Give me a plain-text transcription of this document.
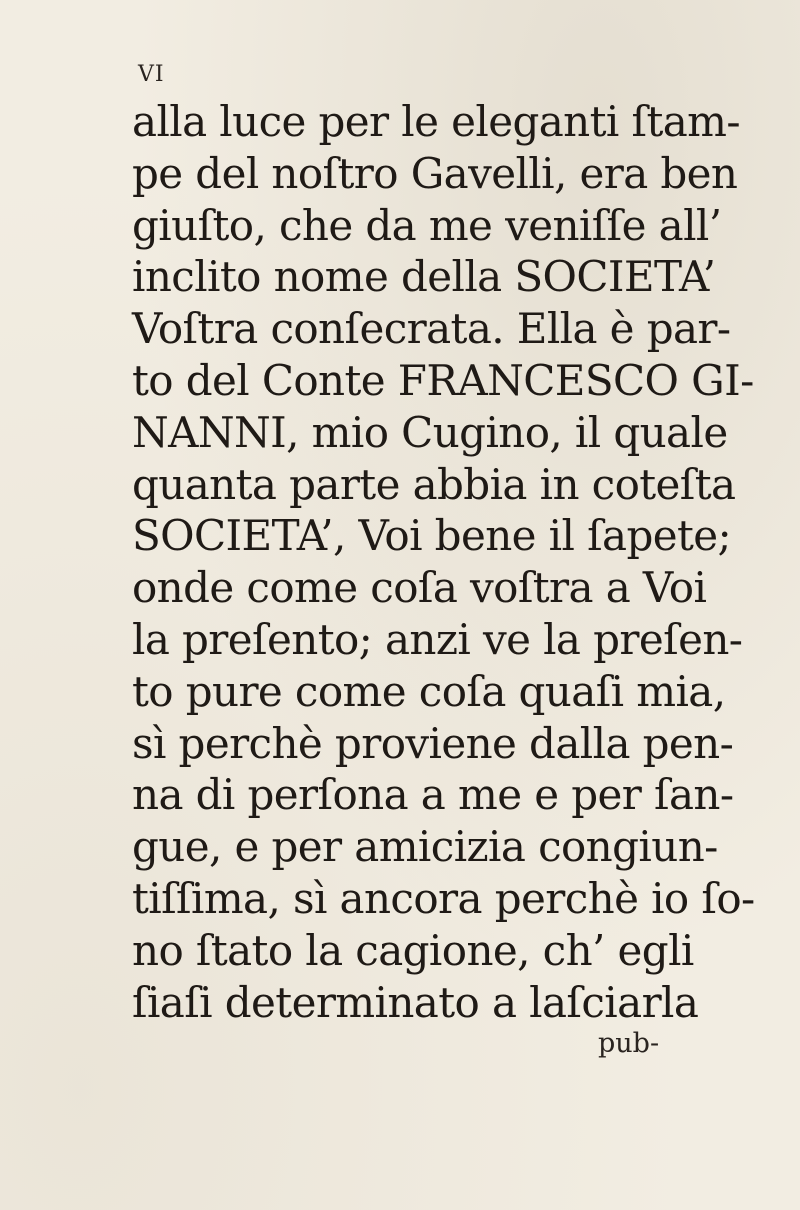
VI
alla luce per le eleganti ſtam-
pe del noſtro Gavelli, era ben
giuſto, che da me veniſſe all’
inclito nome della SOCIETA’
Voſtra conſecrata. Ella è par-
to del Conte FRANCESCO GI-
NANNI, mio Cugino, il quale
quanta parte abbia in coteſta
SOCIETA’, Voi bene il ſapete;
onde come coſa voſtra a Voi
la preſento; anzi ve la preſen-
to pure come coſa quaſi mia,
sì perchè proviene dalla pen-
na di perſona a me e per ſan-
gue, e per amicizia congiun-
tiſſima, sì ancora perchè io ſo-
no ſtato la cagione, ch’ egli
ſiaſi determinato a laſciarla
pub-
